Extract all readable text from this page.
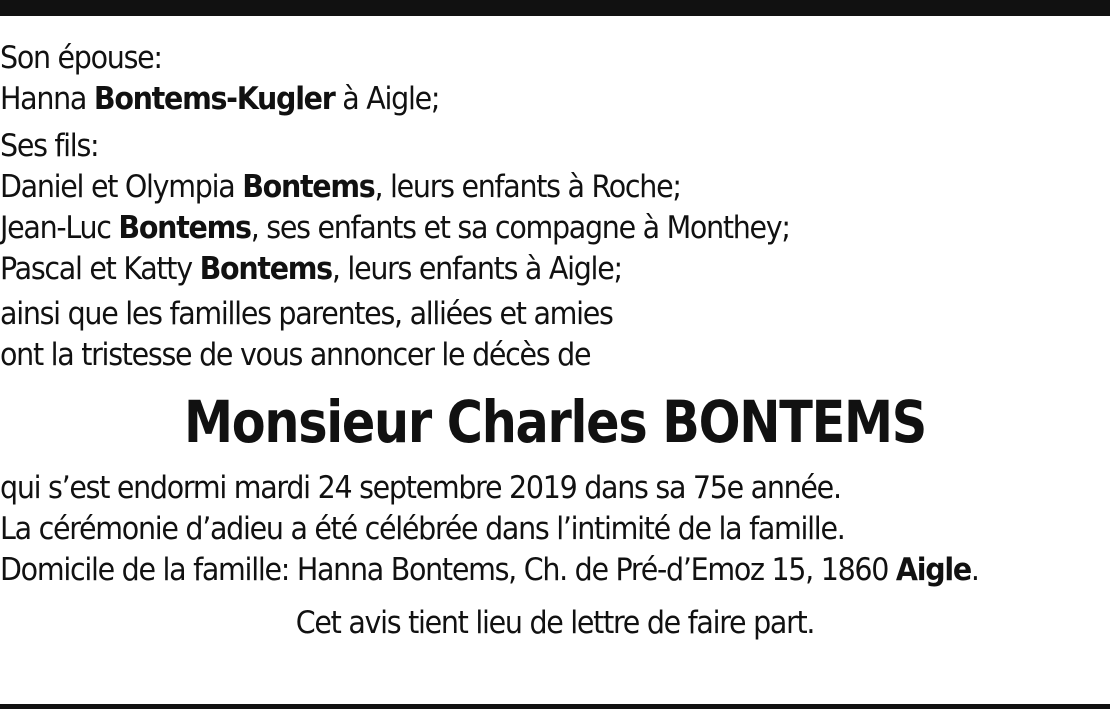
Son épouse:
Hanna Bontems-Kugler à Aigle;
Ses fils:
Daniel et Olympia Bontems, leurs enfants à Roche;
Jean-Luc Bontems, ses enfants et sa compagne à Monthey;
Pascal et Katty Bontems, leurs enfants à Aigle;
ainsi que les familles parentes, alliées et amies
ont la tristesse de vous annoncer le décès de
Monsieur Charles BONTEMS
qui s’est endormi mardi 24 septembre 2019 dans sa 75e année.
La cérémonie d’adieu a été célébrée dans l’intimité de la famille.
Domicile de la famille: Hanna Bontems, Ch. de Pré-d’Emoz 15, 1860 Aigle.
Cet avis tient lieu de lettre de faire part.
